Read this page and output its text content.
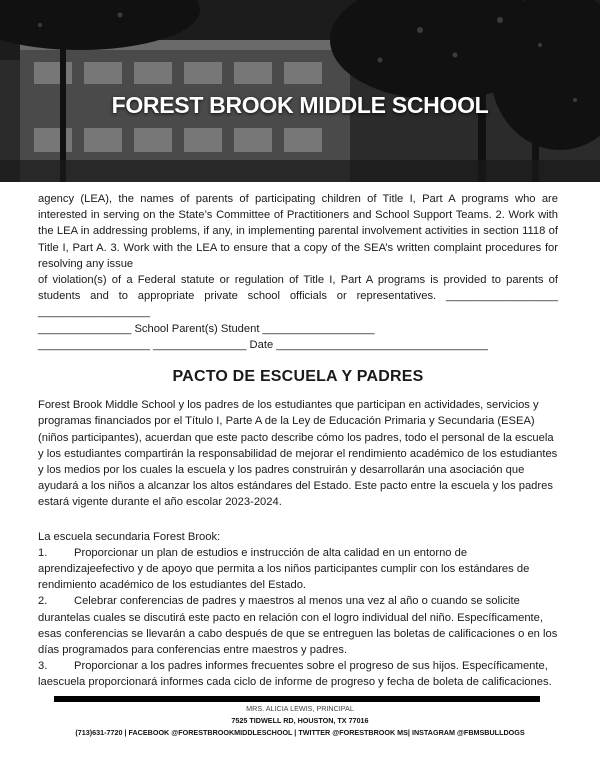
FOREST BROOK MIDDLE SCHOOL

agency (LEA), the names of parents of participating children of Title I, Part A programs who are interested in serving on the State’s Committee of Practitioners and School Support Teams. 2. Work with the LEA in addressing problems, if any, in implementing parental involvement activities in section 1118 of Title I, Part A. 3. Work with the LEA to ensure that a copy of the SEA’s written complaint procedures for resolving any issue

of violation(s) of a Federal statute or regulation of Title I, Part A programs is provided to parents of students and to appropriate private school officials or representatives. __________________ __________________

_______________ School Parent(s) Student __________________

__________________ _______________ Date __________________________________

PACTO DE ESCUELA Y PADRES

Forest Brook Middle School y los padres de los estudiantes que participan en actividades, servicios y programas financiados por el Título I, Parte A de la Ley de Educación Primaria y Secundaria (ESEA) (niños participantes), acuerdan que este pacto describe cómo los padres, todo el personal de la escuela y los estudiantes compartirán la responsabilidad de mejorar el rendimiento académico de los estudiantes y los medios por los cuales la escuela y los padres construirán y desarrollarán una asociación que ayudará a los niños a alcanzar los altos estándares del Estado. Este pacto entre la escuela y los padres estará vigente durante el año escolar 2023-2024.

La escuela secundaria Forest Brook:

1. Proporcionar un plan de estudios e instrucción de alta calidad en un entorno de aprendizajeefectivo y de apoyo que permita a los niños participantes cumplir con los estándares de rendimiento académico de los estudiantes del Estado.

2. Celebrar conferencias de padres y maestros al menos una vez al año o cuando se solicite durantelas cuales se discutirá este pacto en relación con el logro individual del niño. Específicamente, esas conferencias se llevarán a cabo después de que se entreguen las boletas de calificaciones o en los días programados para conferencias entre maestros y padres.

3. Proporcionar a los padres informes frecuentes sobre el progreso de sus hijos. Específicamente, laescuela proporcionará informes cada ciclo de informe de progreso y fecha de boleta de calificaciones.

MRS. ALICIA LEWIS, PRINCIPAL
7525 TIDWELL RD, HOUSTON, TX 77016
(713)631-7720 | FACEBOOK @FORESTBROOKMIDDLESCHOOL | TWITTER @FORESTBROOK MS| INSTAGRAM @FBMSBULLDOGS
